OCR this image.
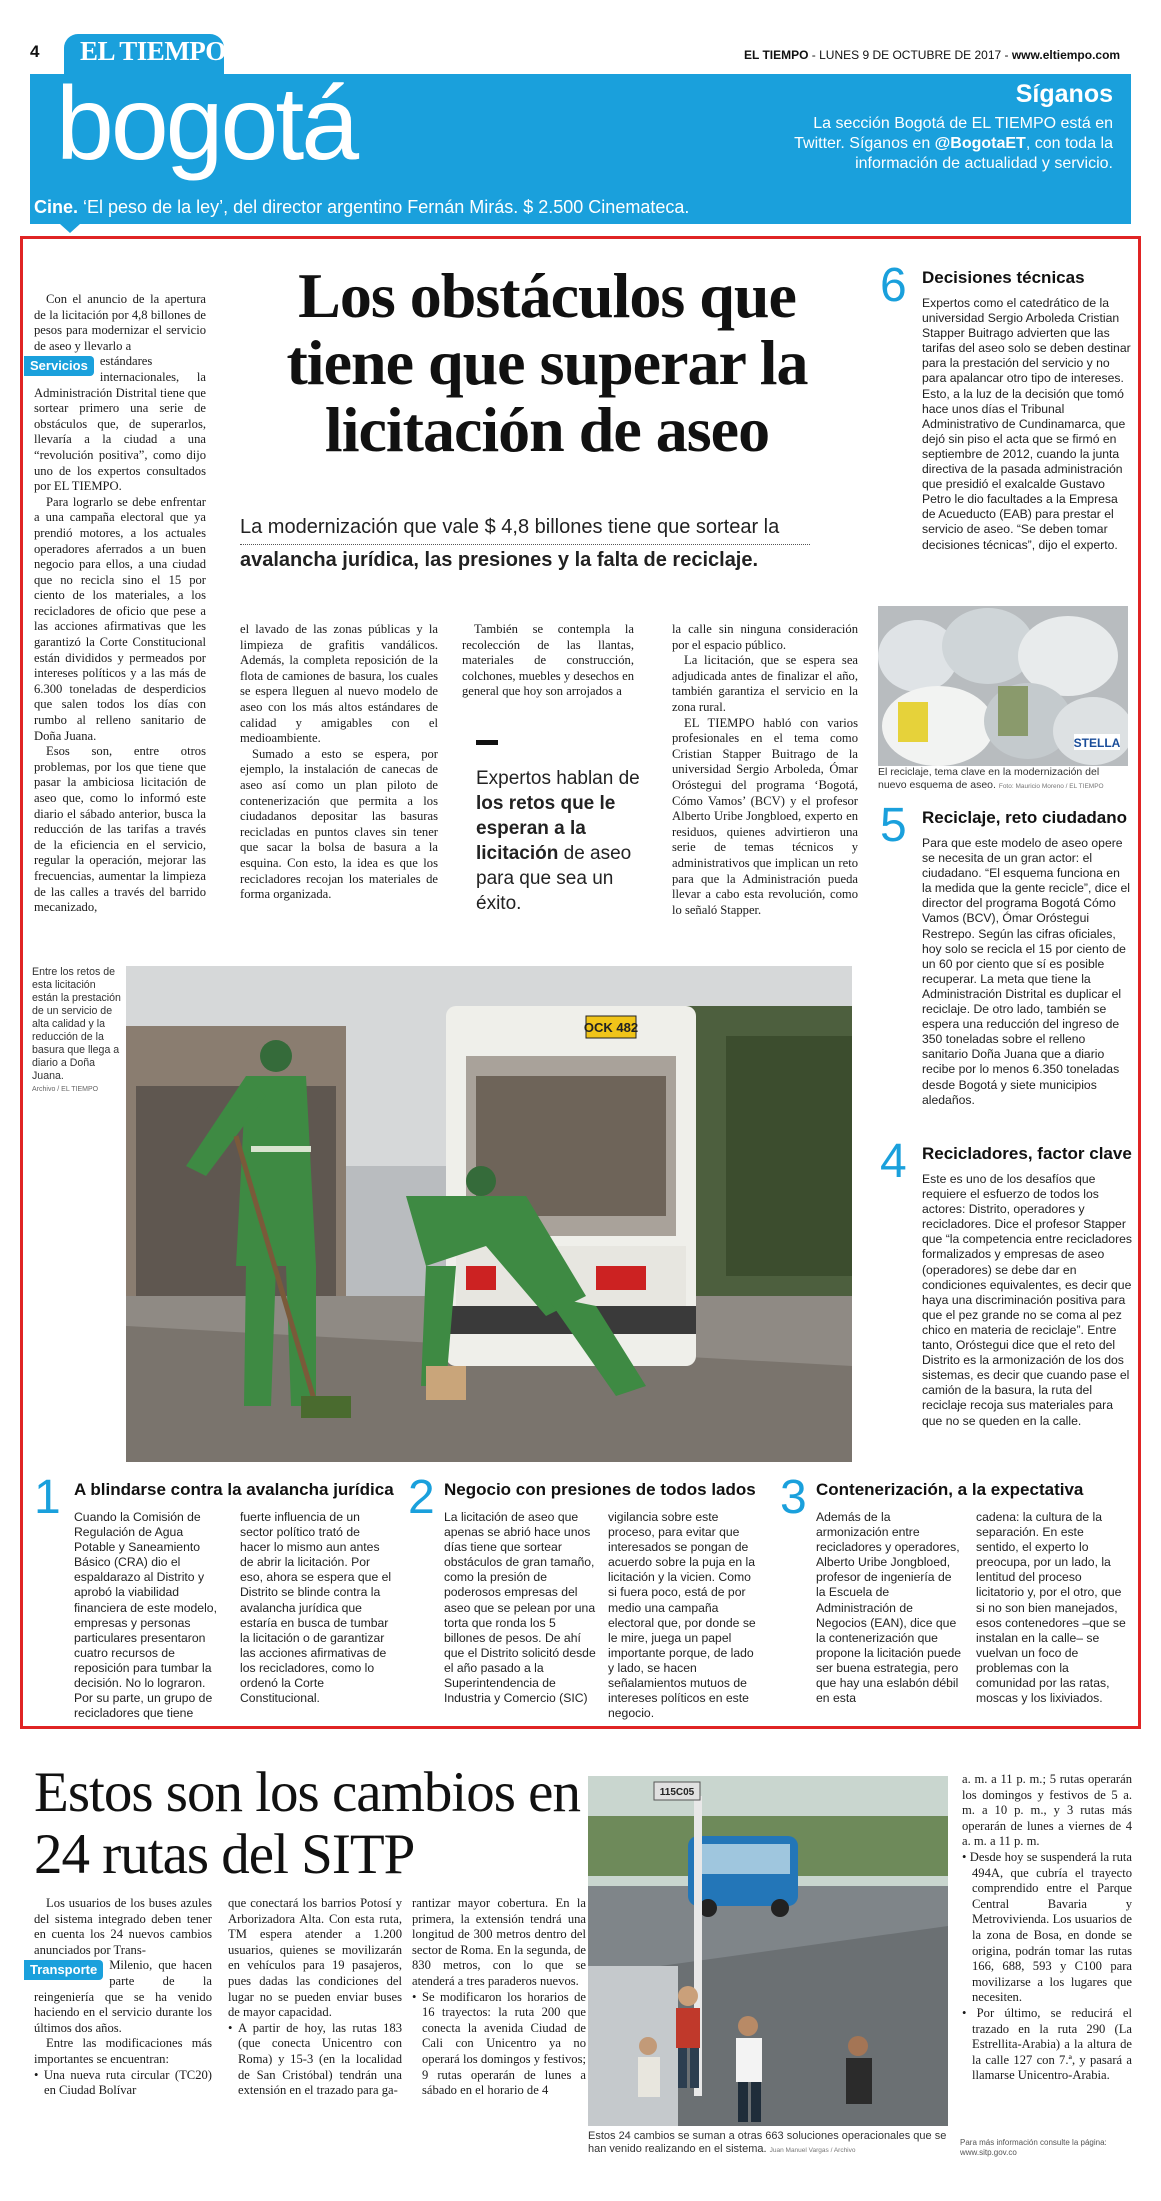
4 EL TIEMPO	EL TIEMPO - LUNES 9 DE OCTUBRE DE 2017 - www.eltiempo.com
bogotá	Síganos
La sección Bogotá de EL TIEMPO está en
Twitter. Síganos en @BogotaET, con toda la
información de actualidad y servicio.
Cine. ‘El peso de la ley’, del director argentino Fernán Mirás. $ 2.500 Cinemateca.
Los obstáculos que tiene que superar la licitación de aseo
La modernización que vale $ 4,8 billones tiene que sortear la
avalancha jurídica, las presiones y la falta de reciclaje.

Con el anuncio de la apertura de la licitación por 4,8 billones de pesos para modernizar el servicio de aseo y llevarlo a

Servicios estándares internacionales, la Administración Distrital tiene que sortear primero una serie de obstáculos que, de superarlos, llevaría a la ciudad a una “revolución positiva”, como dijo uno de los expertos consultados por EL TIEMPO.

Para lograrlo se debe enfrentar a una campaña electoral que ya prendió motores, a los actuales operadores aferrados a un buen negocio para ellos, a una ciudad que no recicla sino el 15 por ciento de los materiales, a los recicladores de oficio que pese a las acciones afirmativas que les garantizó la Corte Constitucional están divididos y permeados por intereses políticos y a las más de 6.300 toneladas de desperdicios que salen todos los días con rumbo al relleno sanitario de Doña Juana.

Esos son, entre otros problemas, por los que tiene que pasar la ambiciosa licitación de aseo que, como lo informó este diario el sábado anterior, busca la reducción de las tarifas a través de la eficiencia en el servicio, regular la operación, mejorar las frecuencias, aumentar la limpieza de las calles a través del barrido mecanizado,

el lavado de las zonas públicas y la limpieza de grafitis vandálicos. Además, la completa reposición de la flota de camiones de basura, los cuales se espera lleguen al nuevo modelo de aseo con los más altos estándares de calidad y amigables con el medioambiente.

Sumado a esto se espera, por ejemplo, la instalación de canecas de aseo así como un plan piloto de contenerización que permita a los ciudadanos depositar las basuras recicladas en puntos claves sin tener que sacar la bolsa de basura a la esquina. Con esto, la idea es que los recicladores recojan los materiales de forma organizada.

También se contempla la recolección de las llantas, materiales de construcción, colchones, muebles y desechos en general que hoy son arrojados a

Expertos hablan de los retos que le esperan a la licitación de aseo para que sea un éxito.

la calle sin ninguna consideración por el espacio público.

La licitación, que se espera sea adjudicada antes de finalizar el año, también garantiza el servicio en la zona rural.

EL TIEMPO habló con varios profesionales en el tema como Cristian Stapper Buitrago de la universidad Sergio Arboleda, Ómar Oróstegui del programa ‘Bogotá, Cómo Vamos’ (BCV) y el profesor Alberto Uribe Jongbloed, experto en residuos, quienes advirtieron una serie de temas técnicos y administrativos que implican un reto para que la Administración pueda llevar a cabo esta revolución, como lo señaló Stapper.

Entre los retos de esta licitación están la prestación de un servicio de alta calidad y la reducción de la basura que llega a diario a Doña Juana.
Archivo / EL TIEMPO
OCK 482
STELLA
El reciclaje, tema clave en la modernización del nuevo esquema de aseo. Foto: Mauricio Moreno / EL TIEMPO
6 Decisiones técnicas
Expertos como el catedrático de la universidad Sergio Arboleda Cristian Stapper Buitrago advierten que las tarifas del aseo solo se deben destinar para la prestación del servicio y no para apalancar otro tipo de intereses. Esto, a la luz de la decisión que tomó hace unos días el Tribunal Administrativo de Cundinamarca, que dejó sin piso el acta que se firmó en septiembre de 2012, cuando la junta directiva de la pasada administración que presidió el exalcalde Gustavo Petro le dio facultades a la Empresa de Acueducto (EAB) para prestar el servicio de aseo. “Se deben tomar decisiones técnicas”, dijo el experto.
5 Reciclaje, reto ciudadano
Para que este modelo de aseo opere se necesita de un gran actor: el ciudadano. “El esquema funciona en la medida que la gente recicle”, dice el director del programa Bogotá Cómo Vamos (BCV), Ómar Oróstegui Restrepo. Según las cifras oficiales, hoy solo se recicla el 15 por ciento de un 60 por ciento que sí es posible recuperar. La meta que tiene la Administración Distrital es duplicar el reciclaje. De otro lado, también se espera una reducción del ingreso de 350 toneladas sobre el relleno sanitario Doña Juana que a diario recibe por lo menos 6.350 toneladas desde Bogotá y siete municipios aledaños.
4 Recicladores, factor clave
Este es uno de los desafíos que requiere el esfuerzo de todos los actores: Distrito, operadores y recicladores. Dice el profesor Stapper que “la competencia entre recicladores formalizados y empresas de aseo (operadores) se debe dar en condiciones equivalentes, es decir que haya una discriminación positiva para que el pez grande no se coma al pez chico en materia de reciclaje”. Entre tanto, Oróstegui dice que el reto del Distrito es la armonización de los dos sistemas, es decir que cuando pase el camión de la basura, la ruta del reciclaje recoja sus materiales para que no se queden en la calle.
1 A blindarse contra la avalancha jurídica
Cuando la Comisión de Regulación de Agua Potable y Saneamiento Básico (CRA) dio el espaldarazo al Distrito y aprobó la viabilidad financiera de este modelo, empresas y personas particulares presentaron cuatro recursos de reposición para tumbar la decisión. No lo lograron. Por su parte, un grupo de recicladores que tiene
fuerte influencia de un sector político trató de hacer lo mismo aun antes de abrir la licitación. Por eso, ahora se espera que el Distrito se blinde contra la avalancha jurídica que estaría en busca de tumbar la licitación o de garantizar las acciones afirmativas de los recicladores, como lo ordenó la Corte Constitucional.
2 Negocio con presiones de todos lados
La licitación de aseo que apenas se abrió hace unos días tiene que sortear obstáculos de gran tamaño, como la presión de poderosos empresas del aseo que se pelean por una torta que ronda los 5 billones de pesos. De ahí que el Distrito solicitó desde el año pasado a la Superintendencia de Industria y Comercio (SIC)
vigilancia sobre este proceso, para evitar que interesados se pongan de acuerdo sobre la puja en la licitación y la vicien. Como si fuera poco, está de por medio una campaña electoral que, por donde se le mire, juega un papel importante porque, de lado y lado, se hacen señalamientos mutuos de intereses políticos en este negocio.
3 Contenerización, a la expectativa
Además de la armonización entre recicladores y operadores, Alberto Uribe Jongbloed, profesor de ingeniería de la Escuela de Administración de Negocios (EAN), dice que la contenerización que propone la licitación puede ser buena estrategia, pero que hay una eslabón débil en esta
cadena: la cultura de la separación. En este sentido, el experto lo preocupa, por un lado, la lentitud del proceso licitatorio y, por el otro, que si no son bien manejados, esos contenedores –que se instalan en la calle– se vuelvan un foco de problemas con la comunidad por las ratas, moscas y los lixiviados.
Estos son los cambios en 24 rutas del SITP

Los usuarios de los buses azules del sistema integrado deben tener en cuenta los 24 nuevos cambios anunciados por Trans-

Transporte Milenio, que hacen parte de la reingeniería que se ha venido haciendo en el servicio durante los últimos dos años.

Entre las modificaciones más importantes se encuentran:

• Una nueva ruta circular (TC20) en Ciudad Bolívar

que conectará los barrios Potosí y Arborizadora Alta. Con esta ruta, TM espera atender a 1.200 usuarios, quienes se movilizarán en vehículos para 19 pasajeros, pues dadas las condiciones del lugar no se pueden enviar buses de mayor capacidad.

• A partir de hoy, las rutas 183 (que conecta Unicentro con Roma) y 15-3 (en la localidad de San Cristóbal) tendrán una extensión en el trazado para ga-

rantizar mayor cobertura. En la primera, la extensión tendrá una longitud de 300 metros dentro del sector de Roma. En la segunda, de 830 metros, con lo que se atenderá a tres paraderos nuevos.

• Se modificaron los horarios de 16 trayectos: la ruta 200 que conecta la avenida Ciudad de Cali con Unicentro ya no operará los domingos y festivos; 9 rutas operarán de lunes a sábado en el horario de 4

115C05
Estos 24 cambios se suman a otras 663 soluciones operacionales que se han venido realizando en el sistema. Juan Manuel Vargas / Archivo

a. m. a 11 p. m.; 5 rutas operarán los domingos y festivos de 5 a. m. a 10 p. m., y 3 rutas más operarán de lunes a viernes de 4 a. m. a 11 p. m.

• Desde hoy se suspenderá la ruta 494A, que cubría el trayecto comprendido entre el Parque Central Bavaria y Metrovivienda. Los usuarios de la zona de Bosa, en donde se origina, podrán tomar las rutas 166, 688, 593 y C100 para movilizarse a los lugares que necesiten.

• Por último, se reducirá el trazado en la ruta 290 (La Estrellita-Arabia) a la altura de la calle 127 con 7.ª, y pasará a llamarse Unicentro-Arabia.

Para más información consulte la página: www.sitp.gov.co
